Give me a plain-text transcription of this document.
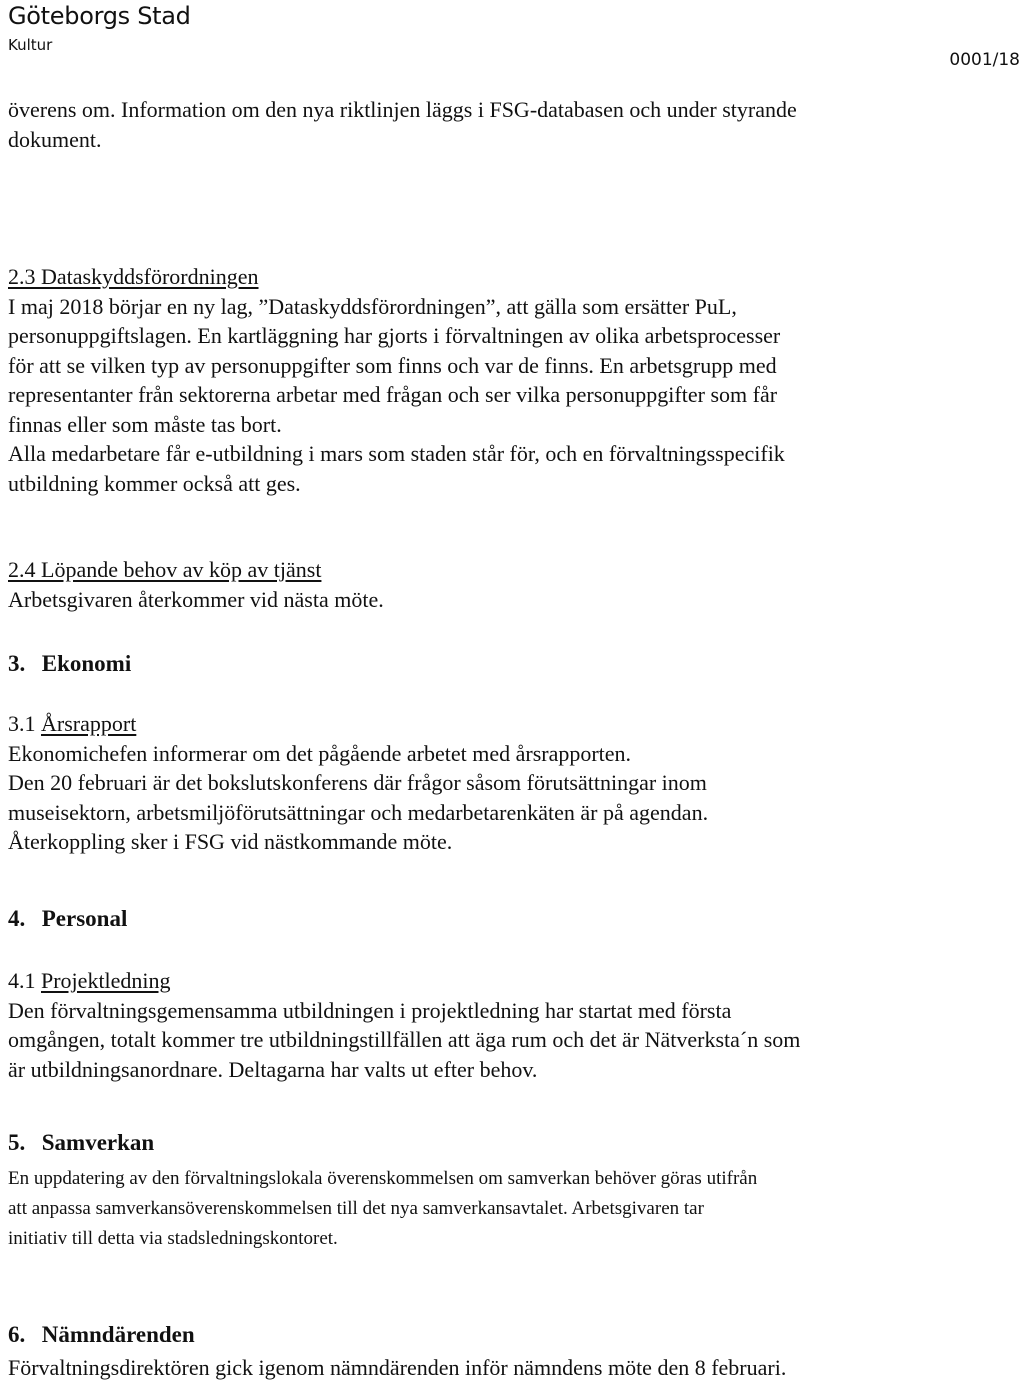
Göteborgs Stad
Kultur
0001/18
överens om. Information om den nya riktlinjen läggs i FSG-databasen och under styrande
dokument.
2.3 Dataskyddsförordningen
I maj 2018 börjar en ny lag, ”Dataskyddsförordningen”, att gälla som ersätter PuL,
personuppgiftslagen. En kartläggning har gjorts i förvaltningen av olika arbetsprocesser
för att se vilken typ av personuppgifter som finns och var de finns. En arbetsgrupp med
representanter från sektorerna arbetar med frågan och ser vilka personuppgifter som får
finnas eller som måste tas bort.
Alla medarbetare får e-utbildning i mars som staden står för, och en förvaltningsspecifik
utbildning kommer också att ges.
2.4 Löpande behov av köp av tjänst
Arbetsgivaren återkommer vid nästa möte.
3. Ekonomi
3.1 Årsrapport
Ekonomichefen informerar om det pågående arbetet med årsrapporten.
Den 20 februari är det bokslutskonferens där frågor såsom förutsättningar inom
museisektorn, arbetsmiljöförutsättningar och medarbetarenkäten är på agendan.
Återkoppling sker i FSG vid nästkommande möte.
4. Personal
4.1 Projektledning
Den förvaltningsgemensamma utbildningen i projektledning har startat med första
omgången, totalt kommer tre utbildningstillfällen att äga rum och det är Nätverksta´n som
är utbildningsanordnare. Deltagarna har valts ut efter behov.
5. Samverkan
En uppdatering av den förvaltningslokala överenskommelsen om samverkan behöver göras utifrån
att anpassa samverkansöverenskommelsen till det nya samverkansavtalet. Arbetsgivaren tar
initiativ till detta via stadsledningskontoret.
6. Nämndärenden
Förvaltningsdirektören gick igenom nämndärenden inför nämndens möte den 8 februari.
